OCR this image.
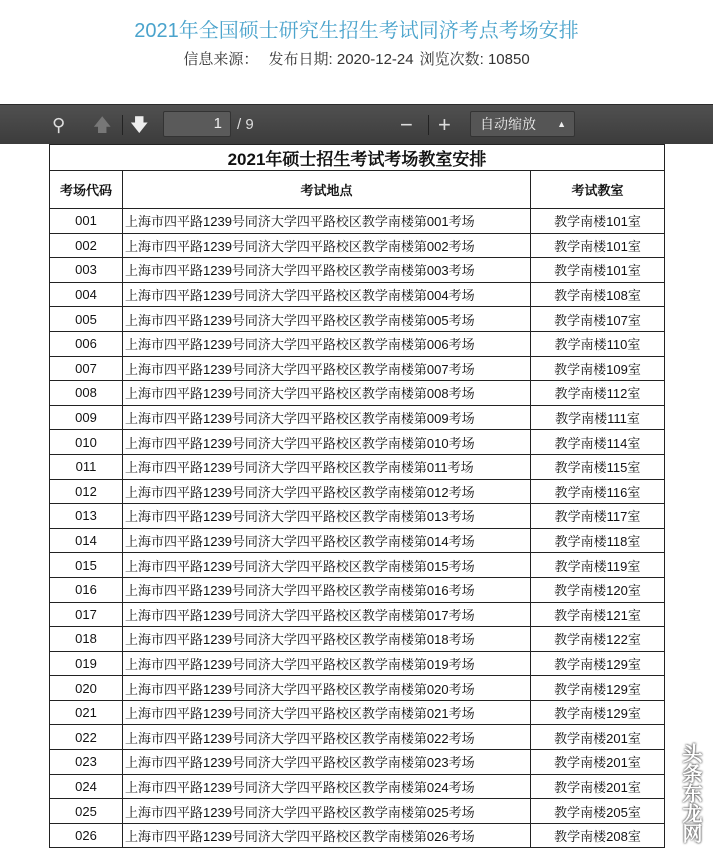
2021年全国硕士研究生招生考试同济考点考场安排
信息来源： 发布日期: 2020-12-24 浏览次数: 10850
⚲ 🡅 🡇	1	/ 9	− + 自动缩放 ▲
2021年硕士招生考试考场教室安排		
考场代码	考试地点	考试教室
001	上海市四平路1239号同济大学四平路校区教学南楼第001考场	教学南楼101室
002	上海市四平路1239号同济大学四平路校区教学南楼第002考场	教学南楼101室
003	上海市四平路1239号同济大学四平路校区教学南楼第003考场	教学南楼101室
004	上海市四平路1239号同济大学四平路校区教学南楼第004考场	教学南楼108室
005	上海市四平路1239号同济大学四平路校区教学南楼第005考场	教学南楼107室
006	上海市四平路1239号同济大学四平路校区教学南楼第006考场	教学南楼110室
007	上海市四平路1239号同济大学四平路校区教学南楼第007考场	教学南楼109室
008	上海市四平路1239号同济大学四平路校区教学南楼第008考场	教学南楼112室
009	上海市四平路1239号同济大学四平路校区教学南楼第009考场	教学南楼111室
010	上海市四平路1239号同济大学四平路校区教学南楼第010考场	教学南楼114室
011	上海市四平路1239号同济大学四平路校区教学南楼第011考场	教学南楼115室
012	上海市四平路1239号同济大学四平路校区教学南楼第012考场	教学南楼116室
013	上海市四平路1239号同济大学四平路校区教学南楼第013考场	教学南楼117室
014	上海市四平路1239号同济大学四平路校区教学南楼第014考场	教学南楼118室
015	上海市四平路1239号同济大学四平路校区教学南楼第015考场	教学南楼119室
016	上海市四平路1239号同济大学四平路校区教学南楼第016考场	教学南楼120室
017	上海市四平路1239号同济大学四平路校区教学南楼第017考场	教学南楼121室
018	上海市四平路1239号同济大学四平路校区教学南楼第018考场	教学南楼122室
019	上海市四平路1239号同济大学四平路校区教学南楼第019考场	教学南楼129室
020	上海市四平路1239号同济大学四平路校区教学南楼第020考场	教学南楼129室
021	上海市四平路1239号同济大学四平路校区教学南楼第021考场	教学南楼129室
022	上海市四平路1239号同济大学四平路校区教学南楼第022考场	教学南楼201室
023	上海市四平路1239号同济大学四平路校区教学南楼第023考场	教学南楼201室
024	上海市四平路1239号同济大学四平路校区教学南楼第024考场	教学南楼201室
025	上海市四平路1239号同济大学四平路校区教学南楼第025考场	教学南楼205室
026	上海市四平路1239号同济大学四平路校区教学南楼第026考场	教学南楼208室 头条东龙网
